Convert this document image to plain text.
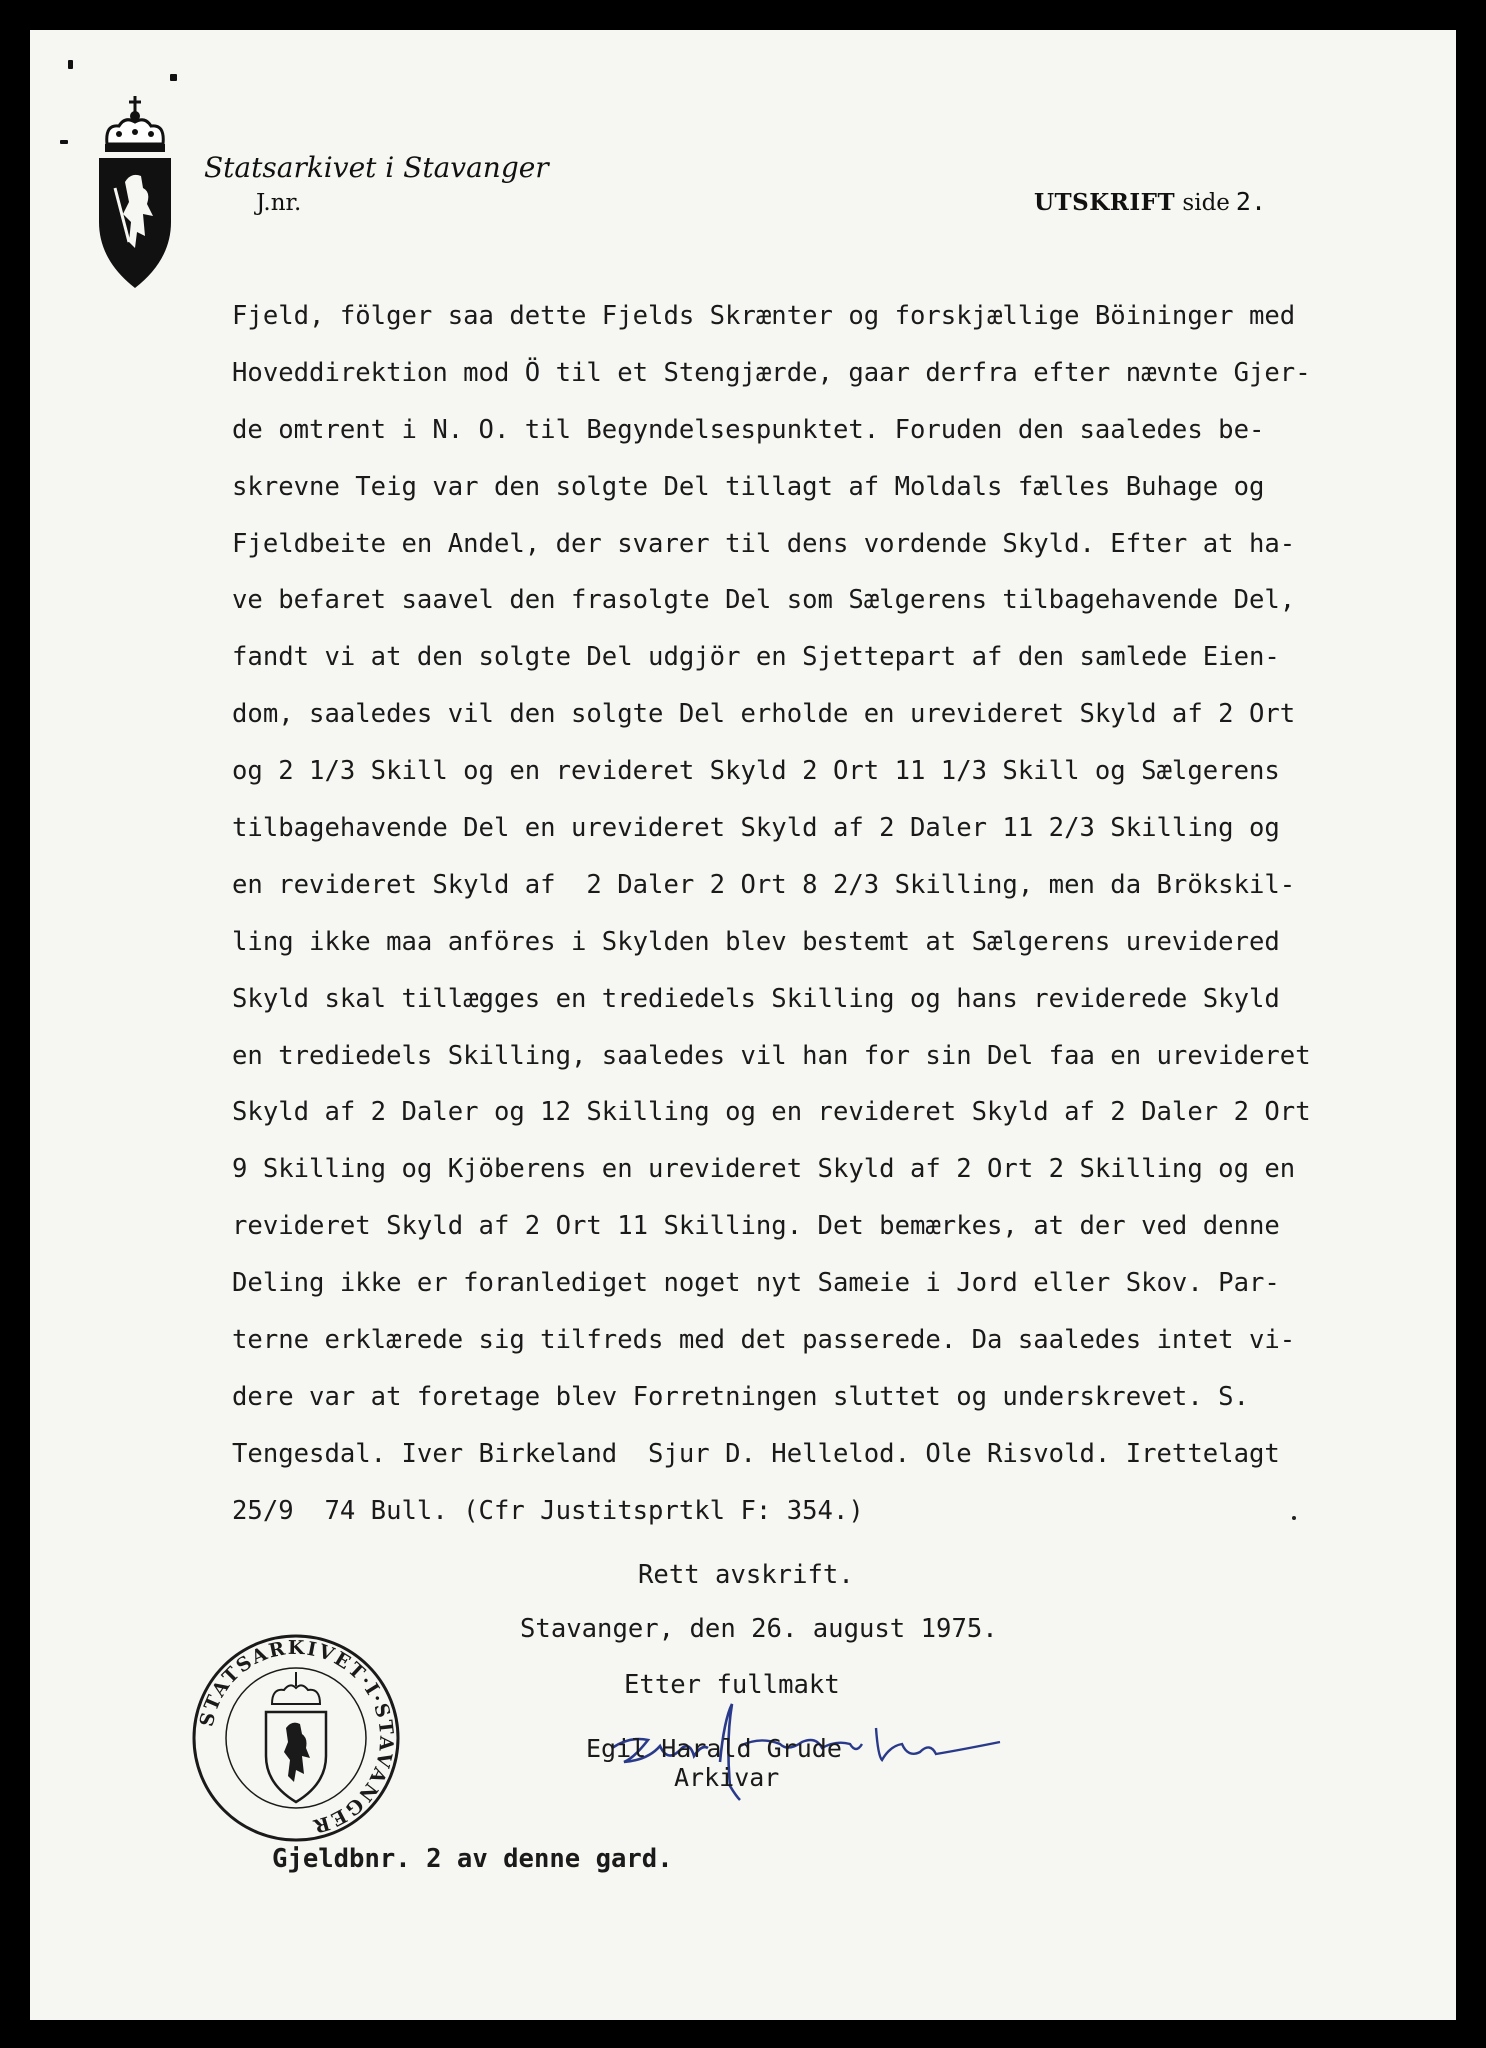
Statsarkivet i Stavanger
J.nr.	UTSKRIFT side 2.
Fjeld, fölger saa dette Fjelds Skrænter og forskjællige Böininger med
Hoveddirektion mod Ö til et Stengjærde, gaar derfra efter nævnte Gjer-
de omtrent i N. O. til Begyndelsespunktet. Foruden den saaledes be-
skrevne Teig var den solgte Del tillagt af Moldals fælles Buhage og
Fjeldbeite en Andel, der svarer til dens vordende Skyld. Efter at ha-
ve befaret saavel den frasolgte Del som Sælgerens tilbagehavende Del,
fandt vi at den solgte Del udgjör en Sjettepart af den samlede Eien-
dom, saaledes vil den solgte Del erholde en urevideret Skyld af 2 Ort
og 2 1/3 Skill og en revideret Skyld 2 Ort 11 1/3 Skill og Sælgerens
tilbagehavende Del en urevideret Skyld af 2 Daler 11 2/3 Skilling og
en revideret Skyld af  2 Daler 2 Ort 8 2/3 Skilling, men da Brökskil-
ling ikke maa anföres i Skylden blev bestemt at Sælgerens urevidered
Skyld skal tillægges en trediedels Skilling og hans reviderede Skyld
en trediedels Skilling, saaledes vil han for sin Del faa en urevideret
Skyld af 2 Daler og 12 Skilling og en revideret Skyld af 2 Daler 2 Ort
9 Skilling og Kjöberens en urevideret Skyld af 2 Ort 2 Skilling og en
revideret Skyld af 2 Ort 11 Skilling. Det bemærkes, at der ved denne
Deling ikke er foranlediget noget nyt Sameie i Jord eller Skov. Par-
terne erklærede sig tilfreds med det passerede. Da saaledes intet vi-
dere var at foretage blev Forretningen sluttet og underskrevet. S.
Tengesdal. Iver Birkeland  Sjur D. Hellelod. Ole Risvold. Irettelagt
25/9  74 Bull. (Cfr Justitsprtkl F: 354.)
Rett avskrift.
Stavanger, den 26. august 1975.
Etter fullmakt
STATSARKIVET·I·STAVANGER
Egil Harald Grude
Arkivar
Gjeldbnr. 2 av denne gard.
